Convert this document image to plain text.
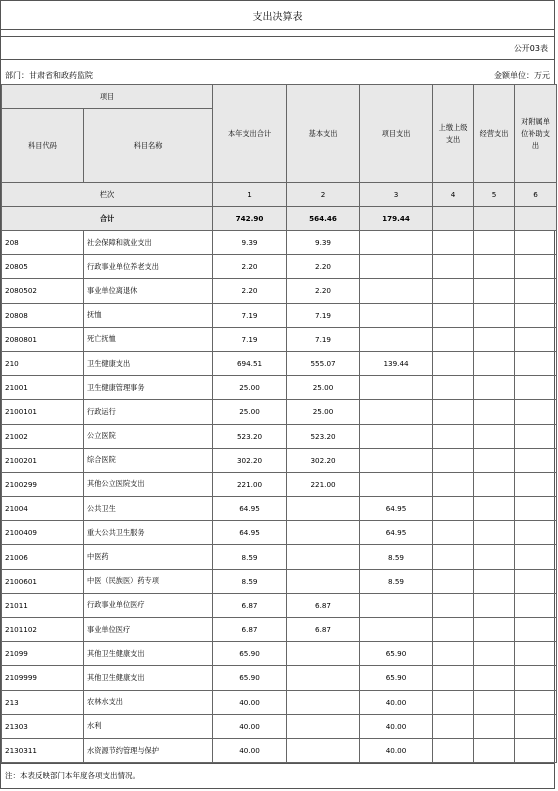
支出决算表
公开03表
部门：甘肃省和政药监院	金额单位：万元
项目		本年支出合计	基本支出	项目支出	上缴上级支出	经营支出	对附属单位补助支出
科目代码	科目名称						
栏次		1	2	3	4	5	6
合计		742.90	564.46	179.44			
208	社会保障和就业支出	9.39	9.39				
20805	行政事业单位养老支出	2.20	2.20				
2080502	事业单位离退休	2.20	2.20				
20808	抚恤	7.19	7.19				
2080801	死亡抚恤	7.19	7.19				
210	卫生健康支出	694.51	555.07	139.44			
21001	卫生健康管理事务	25.00	25.00				
2100101	行政运行	25.00	25.00				
21002	公立医院	523.20	523.20				
2100201	综合医院	302.20	302.20				
2100299	其他公立医院支出	221.00	221.00				
21004	公共卫生	64.95		64.95			
2100409	重大公共卫生服务	64.95		64.95			
21006	中医药	8.59		8.59			
2100601	中医（民族医）药专项	8.59		8.59			
21011	行政事业单位医疗	6.87	6.87				
2101102	事业单位医疗	6.87	6.87				
21099	其他卫生健康支出	65.90		65.90			
2109999	其他卫生健康支出	65.90		65.90			
213	农林水支出	40.00		40.00			
21303	水利	40.00		40.00			
2130311	水资源节约管理与保护	40.00		40.00			
注：本表反映部门本年度各项支出情况。
